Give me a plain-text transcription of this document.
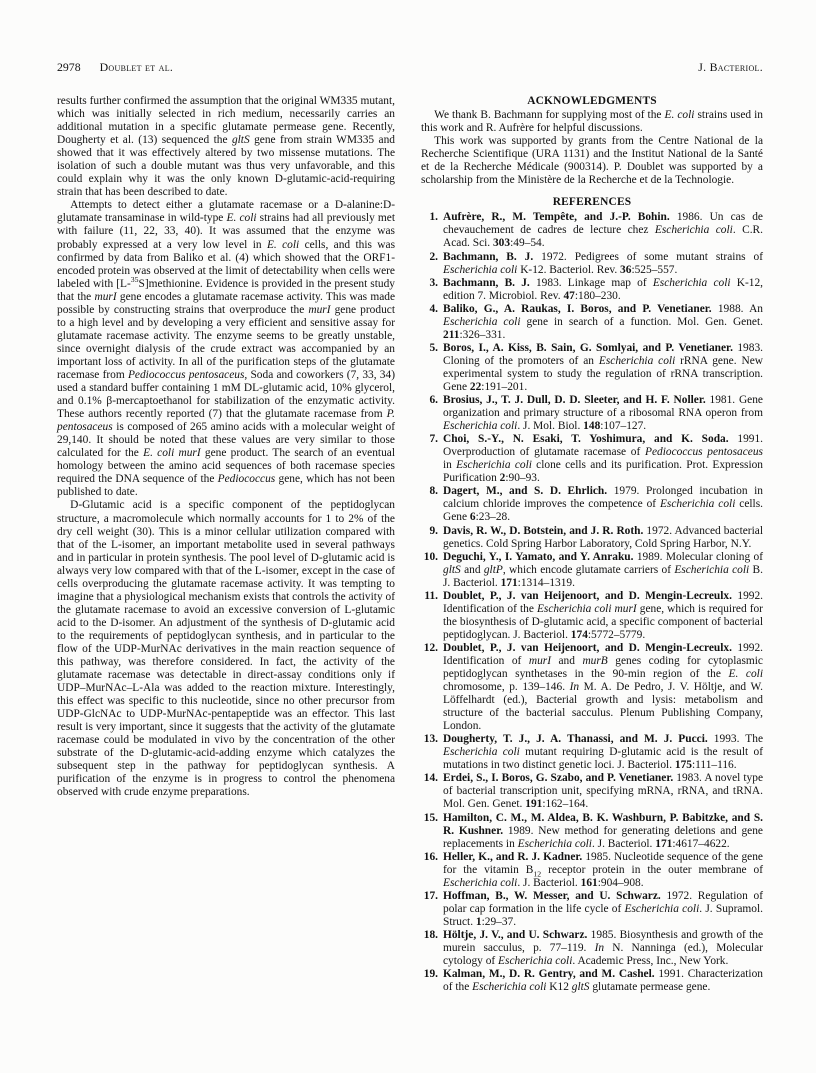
2978 Doublet et al.	J. Bacteriol.

results further confirmed the assumption that the original WM335 mutant, which was initially selected in rich medium, necessarily carries an additional mutation in a specific glutamate permease gene. Recently, Dougherty et al. (13) sequenced the gltS gene from strain WM335 and showed that it was effectively altered by two missense mutations. The isolation of such a double mutant was thus very unfavorable, and this could explain why it was the only known D-glutamic-acid-requiring strain that has been described to date.

Attempts to detect either a glutamate racemase or a D-alanine:D-glutamate transaminase in wild-type E. coli strains had all previously met with failure (11, 22, 33, 40). It was assumed that the enzyme was probably expressed at a very low level in E. coli cells, and this was confirmed by data from Baliko et al. (4) which showed that the ORF1-encoded protein was observed at the limit of detectability when cells were labeled with [L-$^{35}$S]methionine. Evidence is provided in the present study that the murI gene encodes a glutamate racemase activity. This was made possible by constructing strains that overproduce the murI gene product to a high level and by developing a very efficient and sensitive assay for glutamate racemase activity. The enzyme seems to be greatly unstable, since overnight dialysis of the crude extract was accompanied by an important loss of activity. In all of the purification steps of the glutamate racemase from Pediococcus pentosaceus, Soda and coworkers (7, 33, 34) used a standard buffer containing 1 mM DL-glutamic acid, 10% glycerol, and 0.1% β-mercaptoethanol for stabilization of the enzymatic activity. These authors recently reported (7) that the glutamate racemase from P. pentosaceus is composed of 265 amino acids with a molecular weight of 29,140. It should be noted that these values are very similar to those calculated for the E. coli murI gene product. The search of an eventual homology between the amino acid sequences of both racemase species required the DNA sequence of the Pediococcus gene, which has not been published to date.

D-Glutamic acid is a specific component of the peptidoglycan structure, a macromolecule which normally accounts for 1 to 2% of the dry cell weight (30). This is a minor cellular utilization compared with that of the L-isomer, an important metabolite used in several pathways and in particular in protein synthesis. The pool level of D-glutamic acid is always very low compared with that of the L-isomer, except in the case of cells overproducing the glutamate racemase activity. It was tempting to imagine that a physiological mechanism exists that controls the activity of the glutamate racemase to avoid an excessive conversion of L-glutamic acid to the D-isomer. An adjustment of the synthesis of D-glutamic acid to the requirements of peptidoglycan synthesis, and in particular to the flow of the UDP-MurNAc derivatives in the main reaction sequence of this pathway, was therefore considered. In fact, the activity of the glutamate racemase was detectable in direct-assay conditions only if UDP–MurNAc–L-Ala was added to the reaction mixture. Interestingly, this effect was specific to this nucleotide, since no other precursor from UDP-GlcNAc to UDP-MurNAc-pentapeptide was an effector. This last result is very important, since it suggests that the activity of the glutamate racemase could be modulated in vivo by the concentration of the other substrate of the D-glutamic-acid-adding enzyme which catalyzes the subsequent step in the pathway for peptidoglycan synthesis. A purification of the enzyme is in progress to control the phenomena observed with crude enzyme preparations.

ACKNOWLEDGMENTS

We thank B. Bachmann for supplying most of the E. coli strains used in this work and R. Aufrère for helpful discussions.

This work was supported by grants from the Centre National de la Recherche Scientifique (URA 1131) and the Institut National de la Santé et de la Recherche Médicale (900314). P. Doublet was supported by a scholarship from the Ministère de la Recherche et de la Technologie.

REFERENCES

1. Aufrère, R., M. Tempête, and J.-P. Bohin. 1986. Un cas de chevauchement de cadres de lecture chez Escherichia coli. C.R. Acad. Sci. 303:49–54.

2. Bachmann, B. J. 1972. Pedigrees of some mutant strains of Escherichia coli K-12. Bacteriol. Rev. 36:525–557.

3. Bachmann, B. J. 1983. Linkage map of Escherichia coli K-12, edition 7. Microbiol. Rev. 47:180–230.

4. Baliko, G., A. Raukas, I. Boros, and P. Venetianer. 1988. An Escherichia coli gene in search of a function. Mol. Gen. Genet. 211:326–331.

5. Boros, I., A. Kiss, B. Sain, G. Somlyai, and P. Venetianer. 1983. Cloning of the promoters of an Escherichia coli rRNA gene. New experimental system to study the regulation of rRNA transcription. Gene 22:191–201.

6. Brosius, J., T. J. Dull, D. D. Sleeter, and H. F. Noller. 1981. Gene organization and primary structure of a ribosomal RNA operon from Escherichia coli. J. Mol. Biol. 148:107–127.

7. Choi, S.-Y., N. Esaki, T. Yoshimura, and K. Soda. 1991. Overproduction of glutamate racemase of Pediococcus pentosaceus in Escherichia coli clone cells and its purification. Prot. Expression Purification 2:90–93.

8. Dagert, M., and S. D. Ehrlich. 1979. Prolonged incubation in calcium chloride improves the competence of Escherichia coli cells. Gene 6:23–28.

9. Davis, R. W., D. Botstein, and J. R. Roth. 1972. Advanced bacterial genetics. Cold Spring Harbor Laboratory, Cold Spring Harbor, N.Y.

10. Deguchi, Y., I. Yamato, and Y. Anraku. 1989. Molecular cloning of gltS and gltP, which encode glutamate carriers of Escherichia coli B. J. Bacteriol. 171:1314–1319.

11. Doublet, P., J. van Heijenoort, and D. Mengin-Lecreulx. 1992. Identification of the Escherichia coli murI gene, which is required for the biosynthesis of D-glutamic acid, a specific component of bacterial peptidoglycan. J. Bacteriol. 174:5772–5779.

12. Doublet, P., J. van Heijenoort, and D. Mengin-Lecreulx. 1992. Identification of murI and murB genes coding for cytoplasmic peptidoglycan synthetases in the 90-min region of the E. coli chromosome, p. 139–146. In M. A. De Pedro, J. V. Höltje, and W. Löffelhardt (ed.), Bacterial growth and lysis: metabolism and structure of the bacterial sacculus. Plenum Publishing Company, London.

13. Dougherty, T. J., J. A. Thanassi, and M. J. Pucci. 1993. The Escherichia coli mutant requiring D-glutamic acid is the result of mutations in two distinct genetic loci. J. Bacteriol. 175:111–116.

14. Erdei, S., I. Boros, G. Szabo, and P. Venetianer. 1983. A novel type of bacterial transcription unit, specifying mRNA, rRNA, and tRNA. Mol. Gen. Genet. 191:162–164.

15. Hamilton, C. M., M. Aldea, B. K. Washburn, P. Babitzke, and S. R. Kushner. 1989. New method for generating deletions and gene replacements in Escherichia coli. J. Bacteriol. 171:4617–4622.

16. Heller, K., and R. J. Kadner. 1985. Nucleotide sequence of the gene for the vitamin $B_{12}$ receptor protein in the outer membrane of Escherichia coli. J. Bacteriol. 161:904–908.

17. Hoffman, B., W. Messer, and U. Schwarz. 1972. Regulation of polar cap formation in the life cycle of Escherichia coli. J. Supramol. Struct. 1:29–37.

18. Höltje, J. V., and U. Schwarz. 1985. Biosynthesis and growth of the murein sacculus, p. 77–119. In N. Nanninga (ed.), Molecular cytology of Escherichia coli. Academic Press, Inc., New York.

19. Kalman, M., D. R. Gentry, and M. Cashel. 1991. Characterization of the Escherichia coli K12 gltS glutamate permease gene.
